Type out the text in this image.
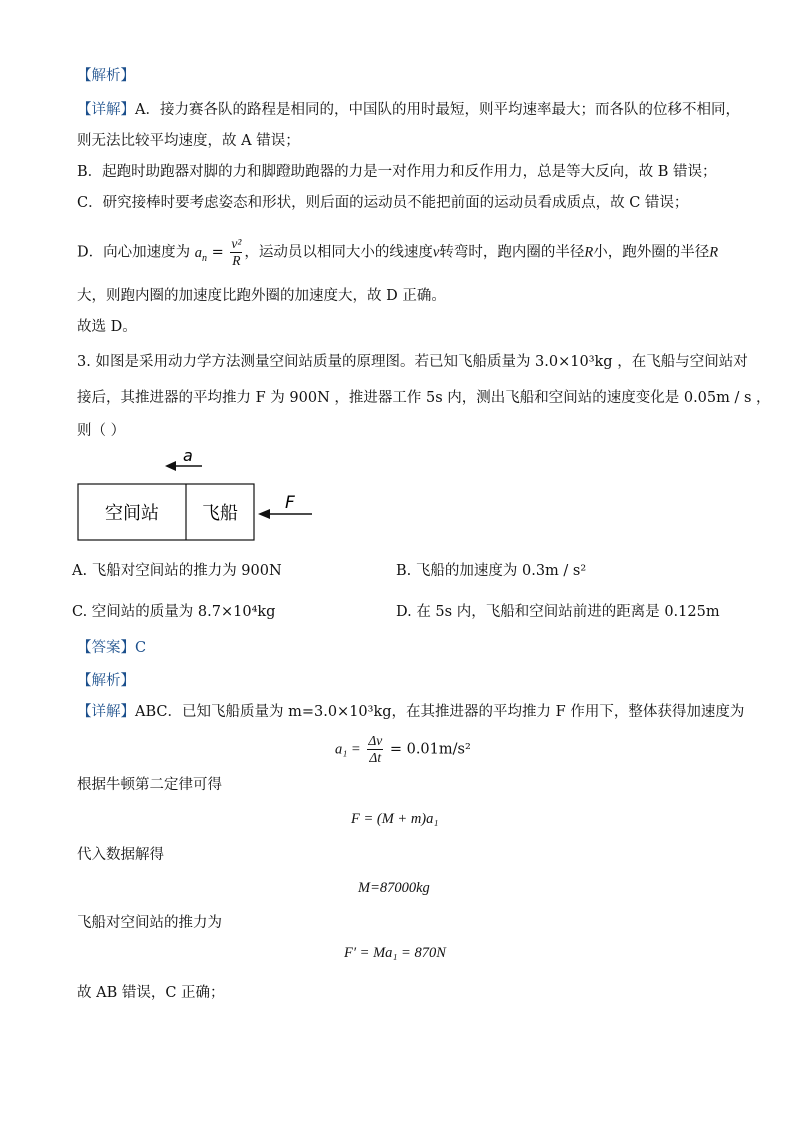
【解析】
【详解】A．接力赛各队的路程是相同的，中国队的用时最短，则平均速率最大；而各队的位移不相同，
则无法比较平均速度，故 A 错误；
B．起跑时助跑器对脚的力和脚蹬助跑器的力是一对作用力和反作用力，总是等大反向，故 B 错误；
C．研究接棒时要考虑姿态和形状，则后面的运动员不能把前面的运动员看成质点，故 C 错误；
D．向心加速度为 $a_n = \frac{\text{v²}}{R}$ ，运动员以相同大小的线速度v转弯时，跑内圈的半径R小，跑外圈的半径R
大，则跑内圈的加速度比跑外圈的加速度大，故 D 正确。
故选 D。
3. 如图是采用动力学方法测量空间站质量的原理图。若已知飞船质量为 3.0×10³kg ，在飞船与空间站对
接后，其推进器的平均推力 F 为 900N ，推进器工作 5s 内，测出飞船和空间站的速度变化是 0.05m / s ，
则（ ）
a
空间站 飞船	F
A. 飞船对空间站的推力为 900N	B. 飞船的加速度为 0.3m / s²
C. 空间站的质量为 8.7×10⁴kg	D. 在 5s 内，飞船和空间站前进的距离是 0.125m
【答案】C
【解析】
【详解】ABC．已知飞船质量为 m=3.0×10³kg，在其推进器的平均推力 F 作用下，整体获得加速度为
$a_1 = \frac{\Delta v}{\Delta t} = 0.01m/s^2$
根据牛顿第二定律可得
F = (M + m)a₁
代入数据解得
M=87000kg
飞船对空间站的推力为
F′ = Ma₁ = 870N
故 AB 错误，C 正确；
